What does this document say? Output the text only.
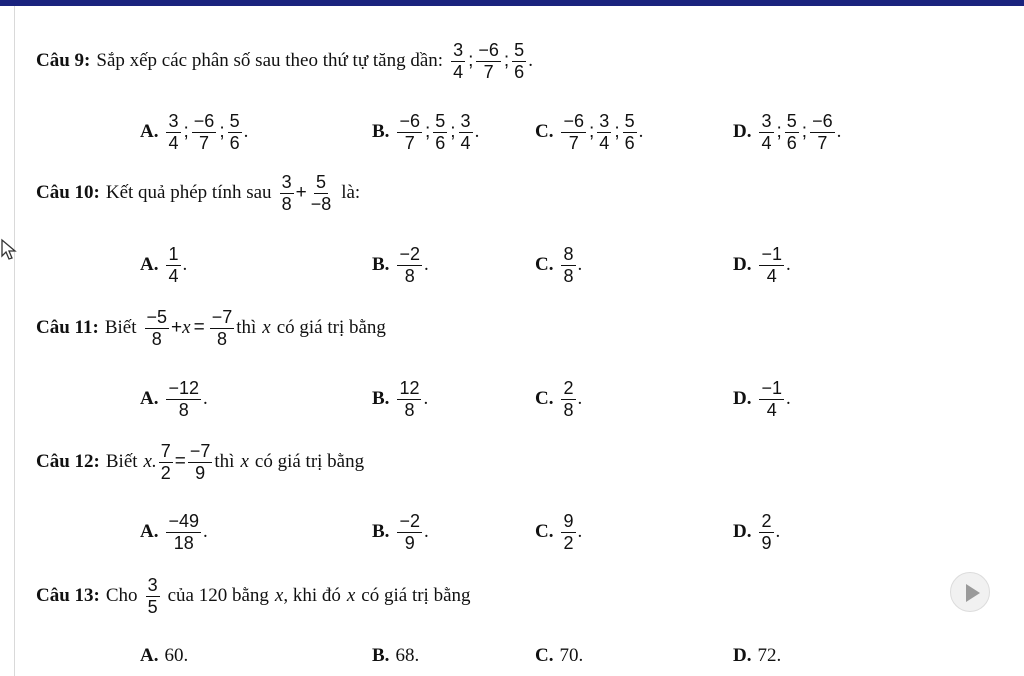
Câu 9: Sắp xếp các phân số sau theo thứ tự tăng dần: $\frac{3}{4}$ ; $\frac{-6}{7}$ ; $\frac{5}{6}$ .
A. $\frac{3}{4}$ ; $\frac{-6}{7}$ ; $\frac{5}{6}$ .	B. $\frac{-6}{7}$ ; $\frac{5}{6}$ ; $\frac{3}{4}$ .	C. $\frac{-6}{7}$ ; $\frac{3}{4}$ ; $\frac{5}{6}$ .	D. $\frac{3}{4}$ ; $\frac{5}{6}$ ; $\frac{-6}{7}$ .
Câu 10: Kết quả phép tính sau $\frac{3}{8} + \frac{5}{-8}$ là:
A. $\frac{1}{4}$ .	B. $\frac{-2}{8}$ .	C. $\frac{8}{8}$ .	D. $\frac{-1}{4}$ .
Câu 11: Biết $\frac{-5}{8} + x = \frac{-7}{8}$ thì x có giá trị bằng
A. $\frac{-12}{8}$ .	B. $\frac{12}{8}$ .	C. $\frac{2}{8}$ .	D. $\frac{-1}{4}$ .
Câu 12: Biết x. $\frac{7}{2} = \frac{-7}{9}$ thì x có giá trị bằng
A. $\frac{-49}{18}$ .	B. $\frac{-2}{9}$ .	C. $\frac{9}{2}$ .	D. $\frac{2}{9}$ .
Câu 13: Cho $\frac{3}{5}$ của 120 bằng x , khi đó x có giá trị bằng
A. 60 .	B. 68 .	C. 70 .	D. 72 .
